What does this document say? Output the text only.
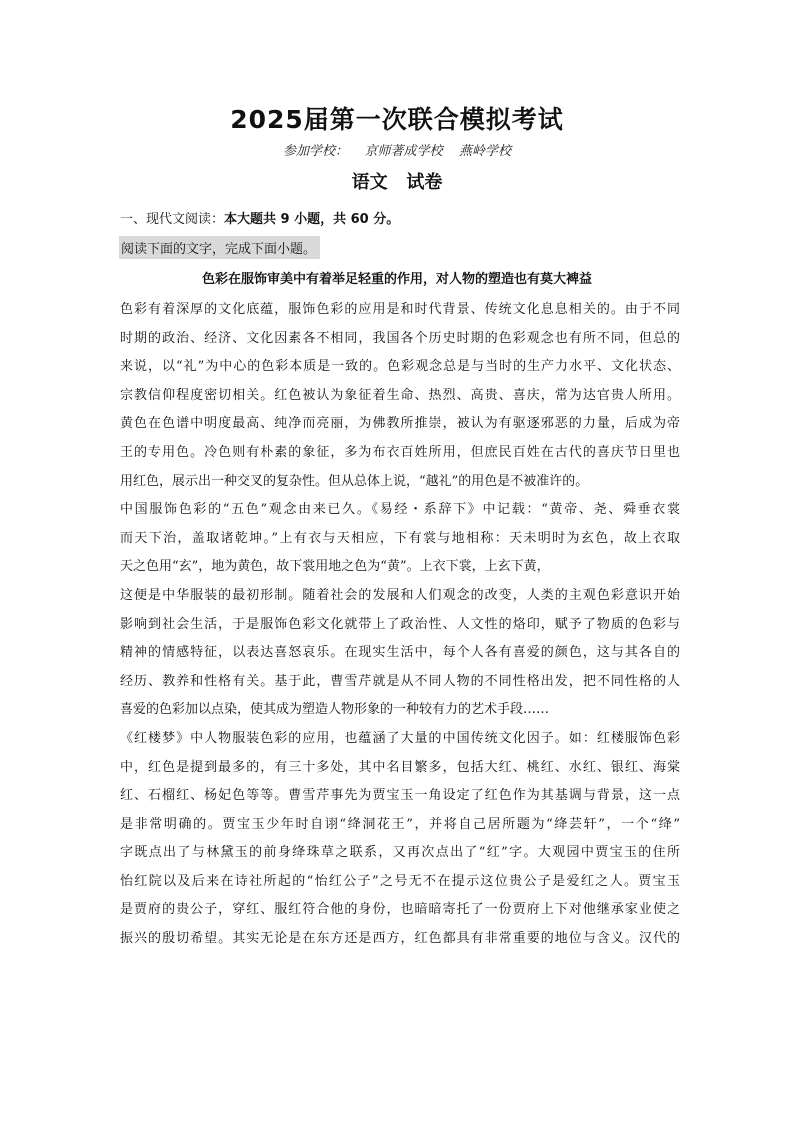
2025届第一次联合模拟考试
参加学校：    京师著成学校    燕岭学校
语文   试卷
一、现代文阅读：本大题共 9 小题，共 60 分。
阅读下面的文字，完成下面小题。
色彩在服饰审美中有着举足轻重的作用，对人物的塑造也有莫大裨益
色彩有着深厚的文化底蕴，服饰色彩的应用是和时代背景、传统文化息息相关的。由于不同
时期的政治、经济、文化因素各不相同，我国各个历史时期的色彩观念也有所不同，但总的
来说，以“礼”为中心的色彩本质是一致的。色彩观念总是与当时的生产力水平、文化状态、
宗教信仰程度密切相关。红色被认为象征着生命、热烈、高贵、喜庆，常为达官贵人所用。
黄色在色谱中明度最高、纯净而亮丽，为佛教所推崇，被认为有驱逐邪恶的力量，后成为帝
王的专用色。冷色则有朴素的象征，多为布衣百姓所用，但庶民百姓在古代的喜庆节日里也
用红色，展示出一种交叉的复杂性。但从总体上说，“越礼”的用色是不被准许的。
中国服饰色彩的“五色”观念由来已久。《易经・系辞下》中记载：“黄帝、尧、舜垂衣裳
而天下治，盖取诸乾坤。”上有衣与天相应，下有裳与地相称：天未明时为玄色，故上衣取
天之色用“玄”，地为黄色，故下裳用地之色为“黄”。上衣下裳，上玄下黄，
这便是中华服装的最初形制。随着社会的发展和人们观念的改变，人类的主观色彩意识开始
影响到社会生活，于是服饰色彩文化就带上了政治性、人文性的烙印，赋予了物质的色彩与
精神的情感特征，以表达喜怒哀乐。在现实生活中，每个人各有喜爱的颜色，这与其各自的
经历、教养和性格有关。基于此，曹雪芹就是从不同人物的不同性格出发，把不同性格的人
喜爱的色彩加以点染，使其成为塑造人物形象的一种较有力的艺术手段……
《红楼梦》中人物服装色彩的应用，也蕴涵了大量的中国传统文化因子。如：红楼服饰色彩
中，红色是提到最多的，有三十多处，其中名目繁多，包括大红、桃红、水红、银红、海棠
红、石榴红、杨妃色等等。曹雪芹事先为贾宝玉一角设定了红色作为其基调与背景，这一点
是非常明确的。贾宝玉少年时自诩“绛洞花王”，并将自己居所题为“绛芸轩”，一个“绛”
字既点出了与林黛玉的前身绛珠草之联系，又再次点出了“红”字。大观园中贾宝玉的住所
怡红院以及后来在诗社所起的“怡红公子”之号无不在提示这位贵公子是爱红之人。贾宝玉
是贾府的贵公子，穿红、服红符合他的身份，也暗暗寄托了一份贾府上下对他继承家业使之
振兴的殷切希望。其实无论是在东方还是西方，红色都具有非常重要的地位与含义。汉代的
